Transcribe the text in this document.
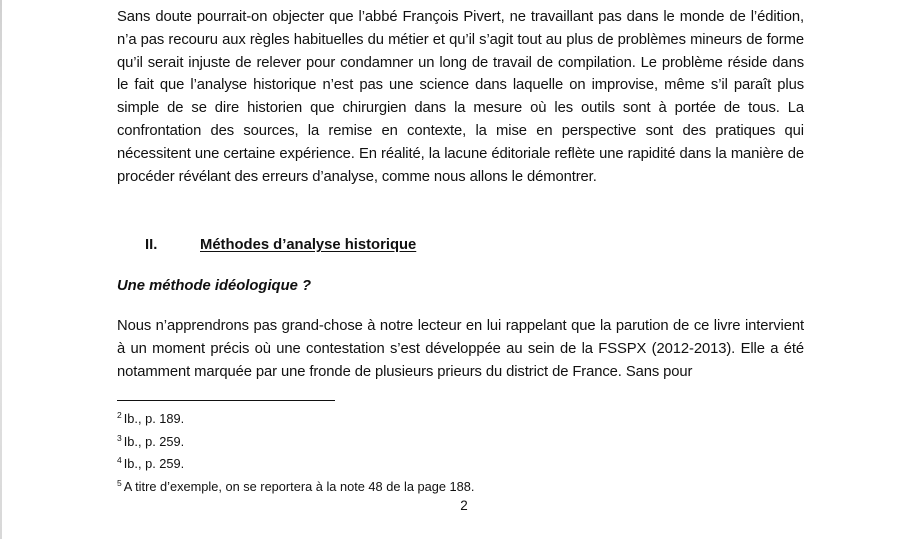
Sans doute pourrait-on objecter que l’abbé François Pivert, ne travaillant pas dans le monde de l’édition, n’a pas recouru aux règles habituelles du métier et qu’il s’agit tout au plus de problèmes mineurs de forme qu’il serait injuste de relever pour condamner un long de travail de compilation. Le problème réside dans le fait que l’analyse historique n’est pas une science dans laquelle on improvise, même s’il paraît plus simple de se dire historien que chirurgien dans la mesure où les outils sont à portée de tous. La confrontation des sources, la remise en contexte, la mise en perspective sont des pratiques qui nécessitent une certaine expérience. En réalité, la lacune éditoriale reflète une rapidité dans la manière de procéder révélant des erreurs d’analyse, comme nous allons le démontrer.

II.	Méthodes d’analyse historique
Une méthode idéologique ?

Nous n’apprendrons pas grand-chose à notre lecteur en lui rappelant que la parution de ce livre intervient à un moment précis où une contestation s’est développée au sein de la FSSPX (2012-2013). Elle a été notamment marquée par une fronde de plusieurs prieurs du district de France. Sans pour

$^2$ Ib., p. 189.
$^3$ Ib., p. 259.
$^4$ Ib., p. 259.
$^5$ A titre d’exemple, on se reportera à la note 48 de la page 188.
2
